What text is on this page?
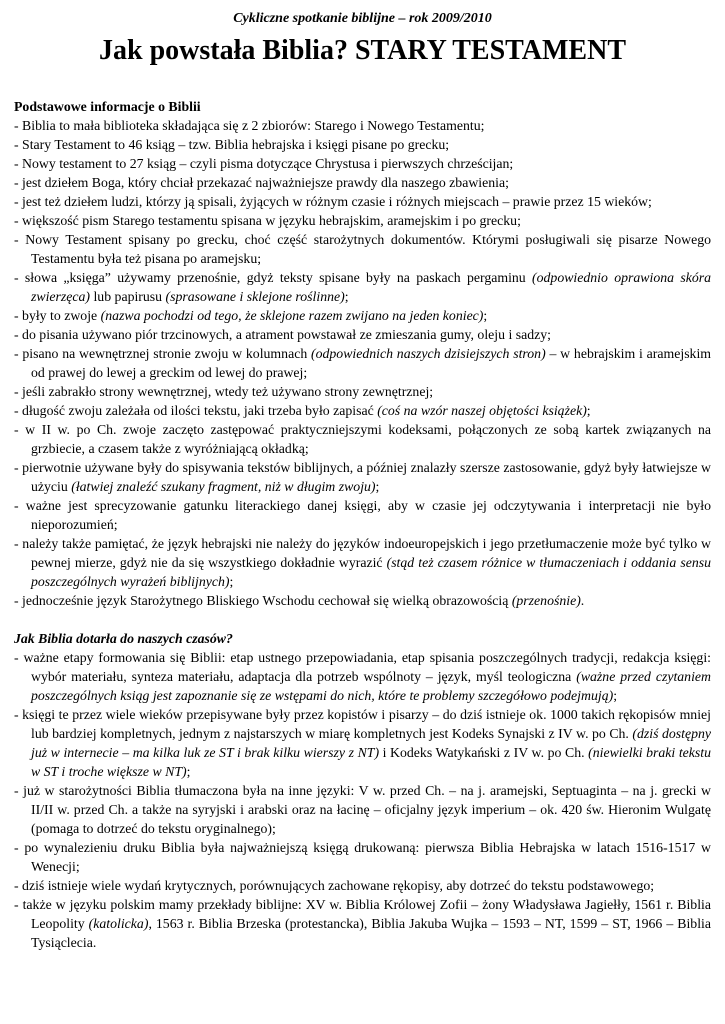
Cykliczne spotkanie biblijne – rok 2009/2010
Jak powstała Biblia? STARY TESTAMENT
Podstawowe informacje o Biblii
- Biblia to mała biblioteka składająca się z 2 zbiorów: Starego i Nowego Testamentu;
- Stary Testament to 46 ksiąg – tzw. Biblia hebrajska i księgi pisane po grecku;
- Nowy testament to 27 ksiąg – czyli pisma dotyczące Chrystusa i pierwszych chrześcijan;
- jest dziełem Boga, który chciał przekazać najważniejsze prawdy dla naszego zbawienia;
- jest też dziełem ludzi, którzy ją spisali, żyjących w różnym czasie i różnych miejscach – prawie przez 15 wieków;
- większość pism Starego testamentu spisana w języku hebrajskim, aramejskim i po grecku;
- Nowy Testament spisany po grecku, choć część starożytnych dokumentów. Którymi posługiwali się pisarze Nowego Testamentu była też pisana po aramejsku;
- słowa „księga” używamy przenośnie, gdyż teksty spisane były na paskach pergaminu (odpowiednio oprawiona skóra zwierzęca) lub papirusu (sprasowane i sklejone roślinne);
- były to zwoje (nazwa pochodzi od tego, że sklejone razem zwijano na jeden koniec);
- do pisania używano piór trzcinowych, a atrament powstawał ze zmieszania gumy, oleju i sadzy;
- pisano na wewnętrznej stronie zwoju w kolumnach (odpowiednich naszych dzisiejszych stron) – w hebrajskim i aramejskim od prawej do lewej a greckim od lewej do prawej;
- jeśli zabrakło strony wewnętrznej, wtedy też używano strony zewnętrznej;
- długość zwoju zależała od ilości tekstu, jaki trzeba było zapisać (coś na wzór naszej objętości książek);
- w II w. po Ch. zwoje zaczęto zastępować praktyczniejszymi kodeksami, połączonych ze sobą kartek związanych na grzbiecie, a czasem także z wyróżniającą okładką;
- pierwotnie używane były do spisywania tekstów biblijnych, a później znalazły szersze zastosowanie, gdyż były łatwiejsze w użyciu (łatwiej znaleźć szukany fragment, niż w długim zwoju);
- ważne jest sprecyzowanie gatunku literackiego danej księgi, aby w czasie jej odczytywania i interpretacji nie było nieporozumień;
- należy także pamiętać, że język hebrajski nie należy do języków indoeuropejskich i jego przetłumaczenie może być tylko w pewnej mierze, gdyż nie da się wszystkiego dokładnie wyrazić (stąd też czasem różnice w tłumaczeniach i oddania sensu poszczególnych wyrażeń biblijnych);
- jednocześnie język Starożytnego Bliskiego Wschodu cechował się wielką obrazowością (przenośnie).
Jak Biblia dotarła do naszych czasów?
- ważne etapy formowania się Biblii: etap ustnego przepowiadania, etap spisania poszczególnych tradycji, redakcja księgi: wybór materiału, synteza materiału, adaptacja dla potrzeb wspólnoty – język, myśl teologiczna (ważne przed czytaniem poszczególnych ksiąg jest zapoznanie się ze wstępami do nich, które te problemy szczegółowo podejmują);
- księgi te przez wiele wieków przepisywane były przez kopistów i pisarzy – do dziś istnieje ok. 1000 takich rękopisów mniej lub bardziej kompletnych, jednym z najstarszych w miarę kompletnych jest Kodeks Synajski z IV w. po Ch. (dziś dostępny już w internecie – ma kilka luk ze ST i brak kilku wierszy z NT) i Kodeks Watykański z IV w. po Ch. (niewielki braki tekstu w ST i troche większe w NT);
- już w starożytności Biblia tłumaczona była na inne języki: V w. przed Ch. – na j. aramejski, Septuaginta – na j. grecki w II/II w. przed Ch. a także na syryjski i arabski oraz na łacinę – oficjalny język imperium – ok. 420 św. Hieronim Wulgatę (pomaga to dotrzeć do tekstu oryginalnego);
- po wynalezieniu druku Biblia była najważniejszą księgą drukowaną: pierwsza Biblia Hebrajska w latach 1516-1517 w Wenecji;
- dziś istnieje wiele wydań krytycznych, porównujących zachowane rękopisy, aby dotrzeć do tekstu podstawowego;
- także w języku polskim mamy przekłady biblijne: XV w. Biblia Królowej Zofii – żony Władysława Jagiełły, 1561 r. Biblia Leopolity (katolicka), 1563 r. Biblia Brzeska (protestancka), Biblia Jakuba Wujka – 1593 – NT, 1599 – ST, 1966 – Biblia Tysiąclecia.
